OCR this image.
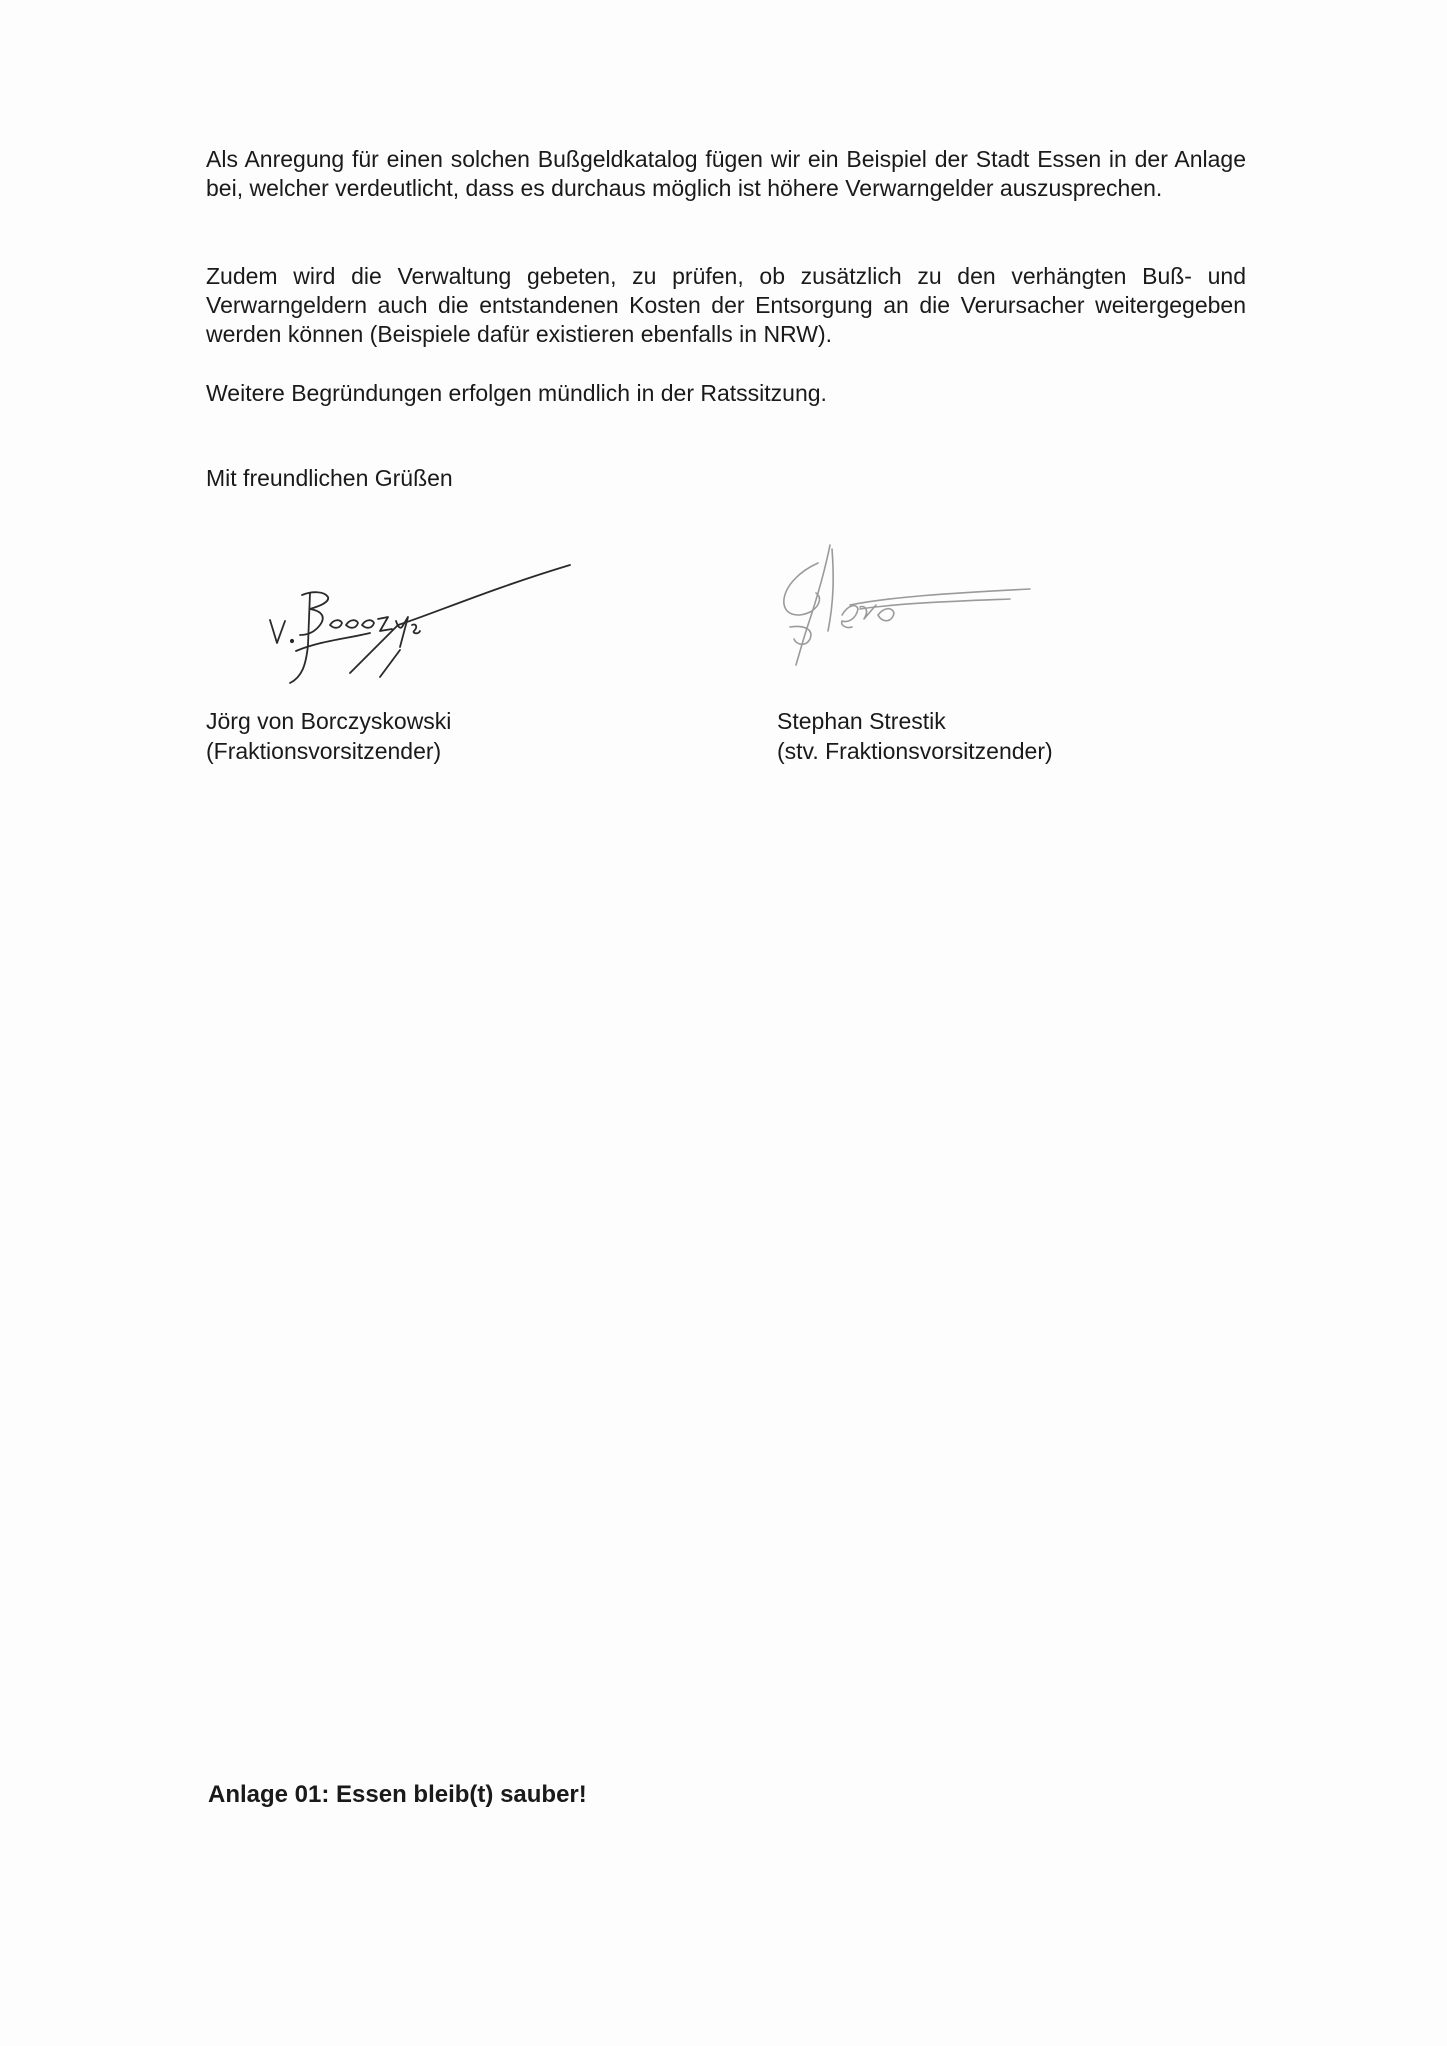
Als Anregung für einen solchen Bußgeldkatalog fügen wir ein Beispiel der Stadt Essen in der Anlage bei, welcher verdeutlicht, dass es durchaus möglich ist höhere Verwarngelder auszusprechen.
Zudem wird die Verwaltung gebeten, zu prüfen, ob zusätzlich zu den verhängten Buß- und Verwarngeldern auch die entstandenen Kosten der Entsorgung an die Verursacher weitergegeben werden können (Beispiele dafür existieren ebenfalls in NRW).
Weitere Begründungen erfolgen mündlich in der Ratssitzung.
Mit freundlichen Grüßen
Jörg von Borczyskowski
(Fraktionsvorsitzender)
Stephan Strestik
(stv. Fraktionsvorsitzender)
Anlage 01: Essen bleib(t) sauber!
